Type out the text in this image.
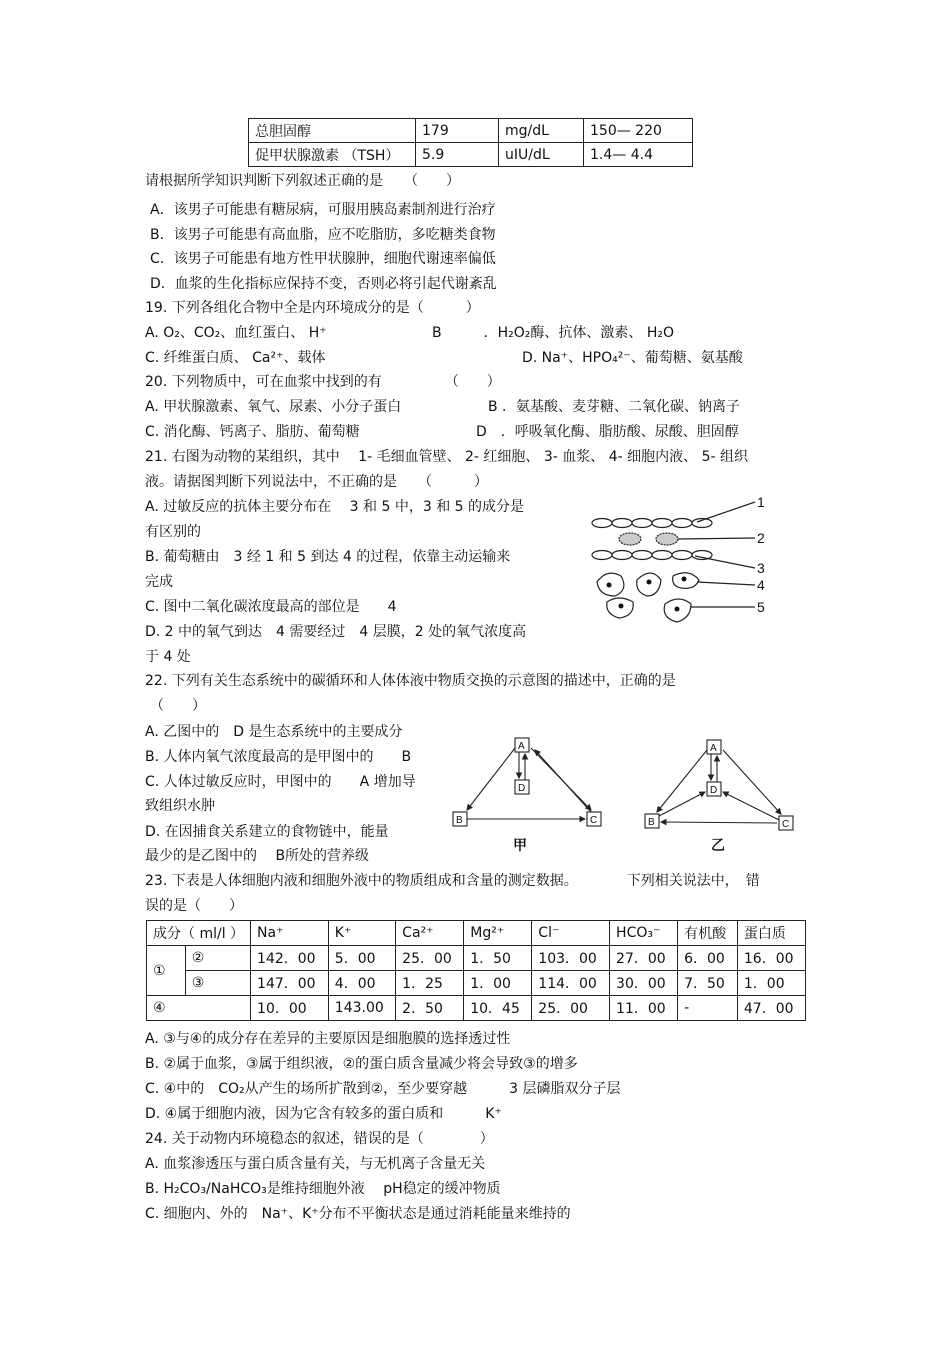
总胆固醇	179	mg/dL	150— 220
促甲状腺激素 （TSH）	5.9	uIU/dL	1.4— 4.4
请根据所学知识判断下列叙述正确的是　　（　　）
A．该男子可能患有糖尿病，可服用胰岛素制剂进行治疗
B．该男子可能患有高血脂，应不吃脂肪，多吃糖类食物
C．该男子可能患有地方性甲状腺肿，细胞代谢速率偏低
D．血浆的生化指标应保持不变，否则必将引起代谢紊乱
19. 下列各组化合物中全是内环境成分的是（　　　）
A. O₂、CO₂、血红蛋白、 H⁺	B　　　．H₂O₂酶、抗体、激素、 H₂O
C. 纤维蛋白质、 Ca²⁺、载体	D. Na⁺、HPO₄²⁻、葡萄糖、氨基酸
20. 下列物质中，可在血浆中找到的有　　　　　（　　）
A. 甲状腺激素、氧气、尿素、小分子蛋白	B ．氨基酸、麦芽糖、二氧化碳、钠离子
C. 消化酶、钙离子、脂肪、葡萄糖	D　．呼吸氧化酶、脂肪酸、尿酸、胆固醇
21. 右图为动物的某组织，其中　 1- 毛细血管壁、 2- 红细胞、 3- 血浆、 4- 细胞内液、 5- 组织
液。请据图判断下列说法中，不正确的是　　（　　　）
A. 过敏反应的抗体主要分布在　 3 和 5 中，3 和 5 的成分是
有区别的
B. 葡萄糖由　3 经 1 和 5 到达 4 的过程，依靠主动运输来
完成
C. 图中二氧化碳浓度最高的部位是　　4
D. 2 中的氧气到达　4 需要经过　4 层膜，2 处的氧气浓度高
于 4 处
1
2
3
4
5
22. 下列有关生态系统中的碳循环和人体体液中物质交换的示意图的描述中，正确的是
（　　）
A. 乙图中的　D 是生态系统中的主要成分
B. 人体内氧气浓度最高的是甲图中的　　B
C. 人体过敏反应时，甲图中的　　A 增加导
致组织水肿
D. 在因捕食关系建立的食物链中，能量
最少的是乙图中的　 B所处的营养级
A
D
B	C
甲
A
D
B	C
乙
23. 下表是人体细胞内液和细胞外液中的物质组成和含量的测定数据。　　　　下列相关说法中，　错
误的是（　　）
成分（ ml/l ）		Na⁺	K⁺	Ca²⁺	Mg²⁺	Cl⁻	HCO₃⁻	有机酸	蛋白质
①	②	142．00	5．00	25．00	1．50	103．00	27．00	6．00	16．00
	③	147．00	4．00	1．25	1．00	114．00	30．00	7．50	1．00
④		10．00	143.00	2．50	10．45	25．00	11．00	-	47．00
A. ③与④的成分存在差异的主要原因是细胞膜的选择透过性
B. ②属于血浆，③属于组织液，②的蛋白质含量减少将会导致③的增多
C. ④中的　CO₂从产生的场所扩散到②，至少要穿越　　　3 层磷脂双分子层
D. ④属于细胞内液，因为它含有较多的蛋白质和　　　K⁺
24. 关于动物内环境稳态的叙述，错误的是（　　　　）
A. 血浆渗透压与蛋白质含量有关，与无机离子含量无关
B. H₂CO₃/NaHCO₃是维持细胞外液　 pH稳定的缓冲物质
C. 细胞内、外的　Na⁺、K⁺分布不平衡状态是通过消耗能量来维持的
